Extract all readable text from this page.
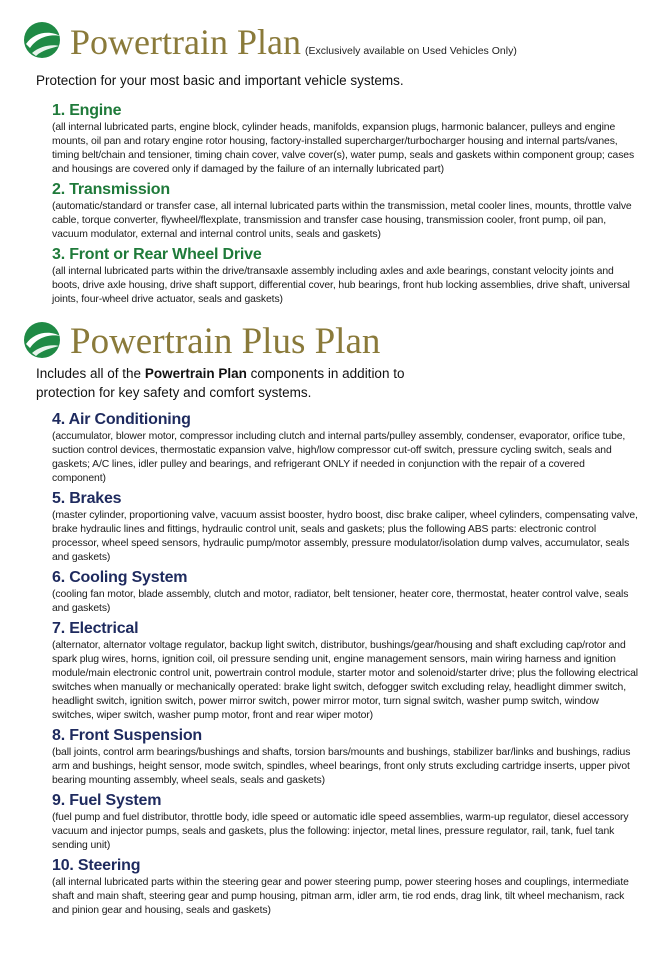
Powertrain Plan (Exclusively available on Used Vehicles Only)

Protection for your most basic and important vehicle systems.

1. Engine

(all internal lubricated parts, engine block, cylinder heads, manifolds, expansion plugs, harmonic balancer, pulleys and engine mounts, oil pan and rotary engine rotor housing, factory-installed supercharger/turbocharger housing and internal parts/vanes, timing belt/chain and tensioner, timing chain cover, valve cover(s), water pump, seals and gaskets within component group; cases and housings are covered only if damaged by the failure of an internally lubricated part)

2. Transmission

(automatic/standard or transfer case, all internal lubricated parts within the transmission, metal cooler lines, mounts, throttle valve cable, torque converter, flywheel/flexplate, transmission and transfer case housing, transmission cooler, front pump, oil pan, vacuum modulator, external and internal control units, seals and gaskets)

3. Front or Rear Wheel Drive

(all internal lubricated parts within the drive/transaxle assembly including axles and axle bearings, constant velocity joints and boots, drive axle housing, drive shaft support, differential cover, hub bearings, front hub locking assemblies, drive shaft, universal joints, four-wheel drive actuator, seals and gaskets)

Powertrain Plus Plan

Includes all of the Powertrain Plan components in addition to protection for key safety and comfort systems.

4. Air Conditioning

(accumulator, blower motor, compressor including clutch and internal parts/pulley assembly, condenser, evaporator, orifice tube, suction control devices, thermostatic expansion valve, high/low compressor cut-off switch, pressure cycling switch, seals and gaskets; A/C lines, idler pulley and bearings, and refrigerant ONLY if needed in conjunction with the repair of a covered component)

5. Brakes

(master cylinder, proportioning valve, vacuum assist booster, hydro boost, disc brake caliper, wheel cylinders, compensating valve, brake hydraulic lines and fittings, hydraulic control unit, seals and gaskets; plus the following ABS parts: electronic control processor, wheel speed sensors, hydraulic pump/motor assembly, pressure modulator/isolation dump valves, accumulator, seals and gaskets)

6. Cooling System

(cooling fan motor, blade assembly, clutch and motor, radiator, belt tensioner, heater core, thermostat, heater control valve, seals and gaskets)

7. Electrical

(alternator, alternator voltage regulator, backup light switch, distributor, bushings/gear/housing and shaft excluding cap/rotor and spark plug wires, horns, ignition coil, oil pressure sending unit, engine management sensors, main wiring harness and ignition module/main electronic control unit, powertrain control module, starter motor and solenoid/starter drive; plus the following electrical switches when manually or mechanically operated: brake light switch, defogger switch excluding relay, headlight dimmer switch, headlight switch, ignition switch, power mirror switch, power mirror motor, turn signal switch, washer pump switch, window switches, wiper switch, washer pump motor, front and rear wiper motor)

8. Front Suspension

(ball joints, control arm bearings/bushings and shafts, torsion bars/mounts and bushings, stabilizer bar/links and bushings, radius arm and bushings, height sensor, mode switch, spindles, wheel bearings, front only struts excluding cartridge inserts, upper pivot bearing mounting assembly, wheel seals, seals and gaskets)

9. Fuel System

(fuel pump and fuel distributor, throttle body, idle speed or automatic idle speed assemblies, warm-up regulator, diesel accessory vacuum and injector pumps, seals and gaskets, plus the following: injector, metal lines, pressure regulator, rail, tank, fuel tank sending unit)

10. Steering

(all internal lubricated parts within the steering gear and power steering pump, power steering hoses and couplings, intermediate shaft and main shaft, steering gear and pump housing, pitman arm, idler arm, tie rod ends, drag link, tilt wheel mechanism, rack and pinion gear and housing, seals and gaskets)
